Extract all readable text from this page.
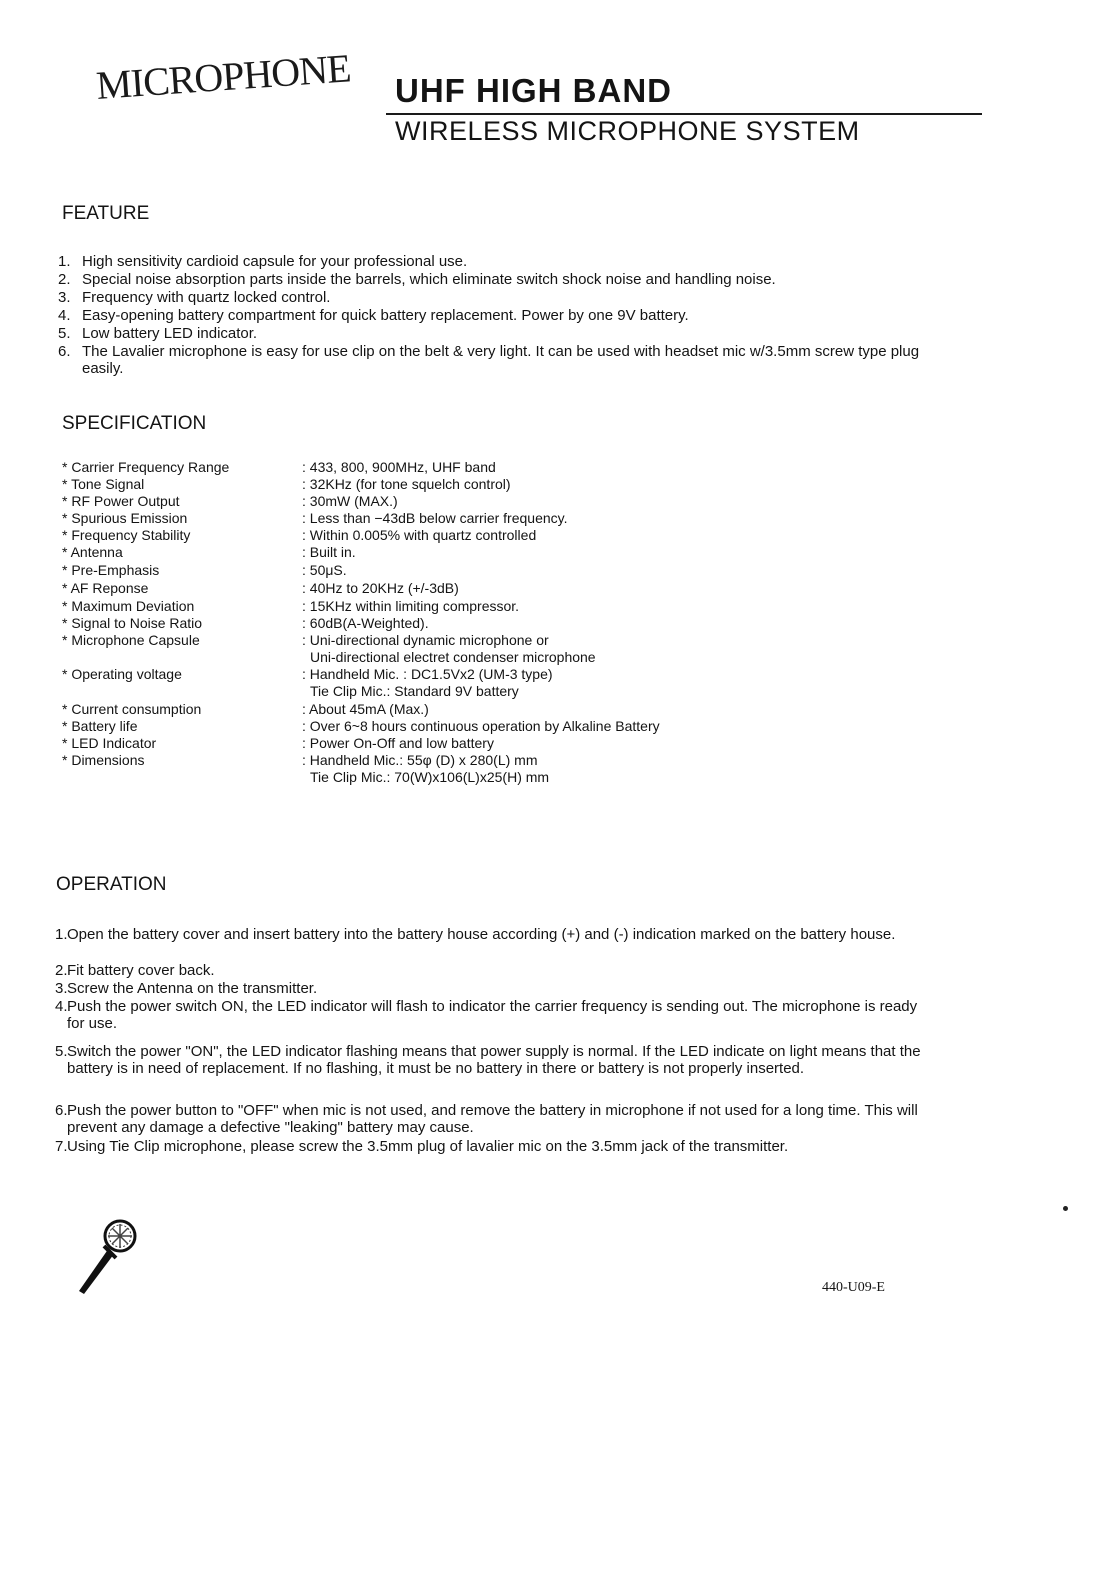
MICROPHONE UHF HIGH BAND
WIRELESS MICROPHONE SYSTEM
FEATURE
1. High sensitivity cardioid capsule for your professional use.
2. Special noise absorption parts inside the barrels, which eliminate switch shock noise and handling noise.
3. Frequency with quartz locked control.
4. Easy-opening battery compartment for quick battery replacement. Power by one 9V battery.
5. Low battery LED indicator.
6. The Lavalier microphone is easy for use clip on the belt & very light. It can be used with headset mic w/3.5mm screw type plug easily.
SPECIFICATION
* Carrier Frequency Range	: 433, 800, 900MHz, UHF band
* Tone Signal	: 32KHz (for tone squelch control)
* RF Power Output	: 30mW (MAX.)
* Spurious Emission	: Less than −43dB below carrier frequency.
* Frequency Stability	: Within 0.005% with quartz controlled
* Antenna	: Built in.
* Pre-Emphasis	: 50μS.
* AF Reponse	: 40Hz to 20KHz (+/-3dB)
* Maximum Deviation	: 15KHz within limiting compressor.
* Signal to Noise Ratio	: 60dB(A-Weighted).
* Microphone Capsule	: Uni-directional dynamic microphone or
Uni-directional electret condenser microphone
* Operating voltage	: Handheld Mic. : DC1.5Vx2 (UM-3 type)
Tie Clip Mic.: Standard 9V battery
* Current consumption	: About 45mA (Max.)
* Battery life	: Over 6~8 hours continuous operation by Alkaline Battery
* LED Indicator	: Power On-Off and low battery
* Dimensions	: Handheld Mic.: 55φ (D) x 280(L) mm
Tie Clip Mic.: 70(W)x106(L)x25(H) mm
OPERATION
1. Open the battery cover and insert battery into the battery house according (+) and (-) indication marked on the battery house.
2. Fit battery cover back.
3. Screw the Antenna on the transmitter.
4. Push the power switch ON, the LED indicator will flash to indicator the carrier frequency is sending out. The microphone is ready for use.
5. Switch the power "ON", the LED indicator flashing means that power supply is normal. If the LED indicate on light means that the battery is in need of replacement. If no flashing, it must be no battery in there or battery is not properly inserted.
6. Push the power button to "OFF" when mic is not used, and remove the battery in microphone if not used for a long time. This will prevent any damage a defective "leaking" battery may cause.
7. Using Tie Clip microphone, please screw the 3.5mm plug of lavalier mic on the 3.5mm jack of the transmitter.
440-U09-E
